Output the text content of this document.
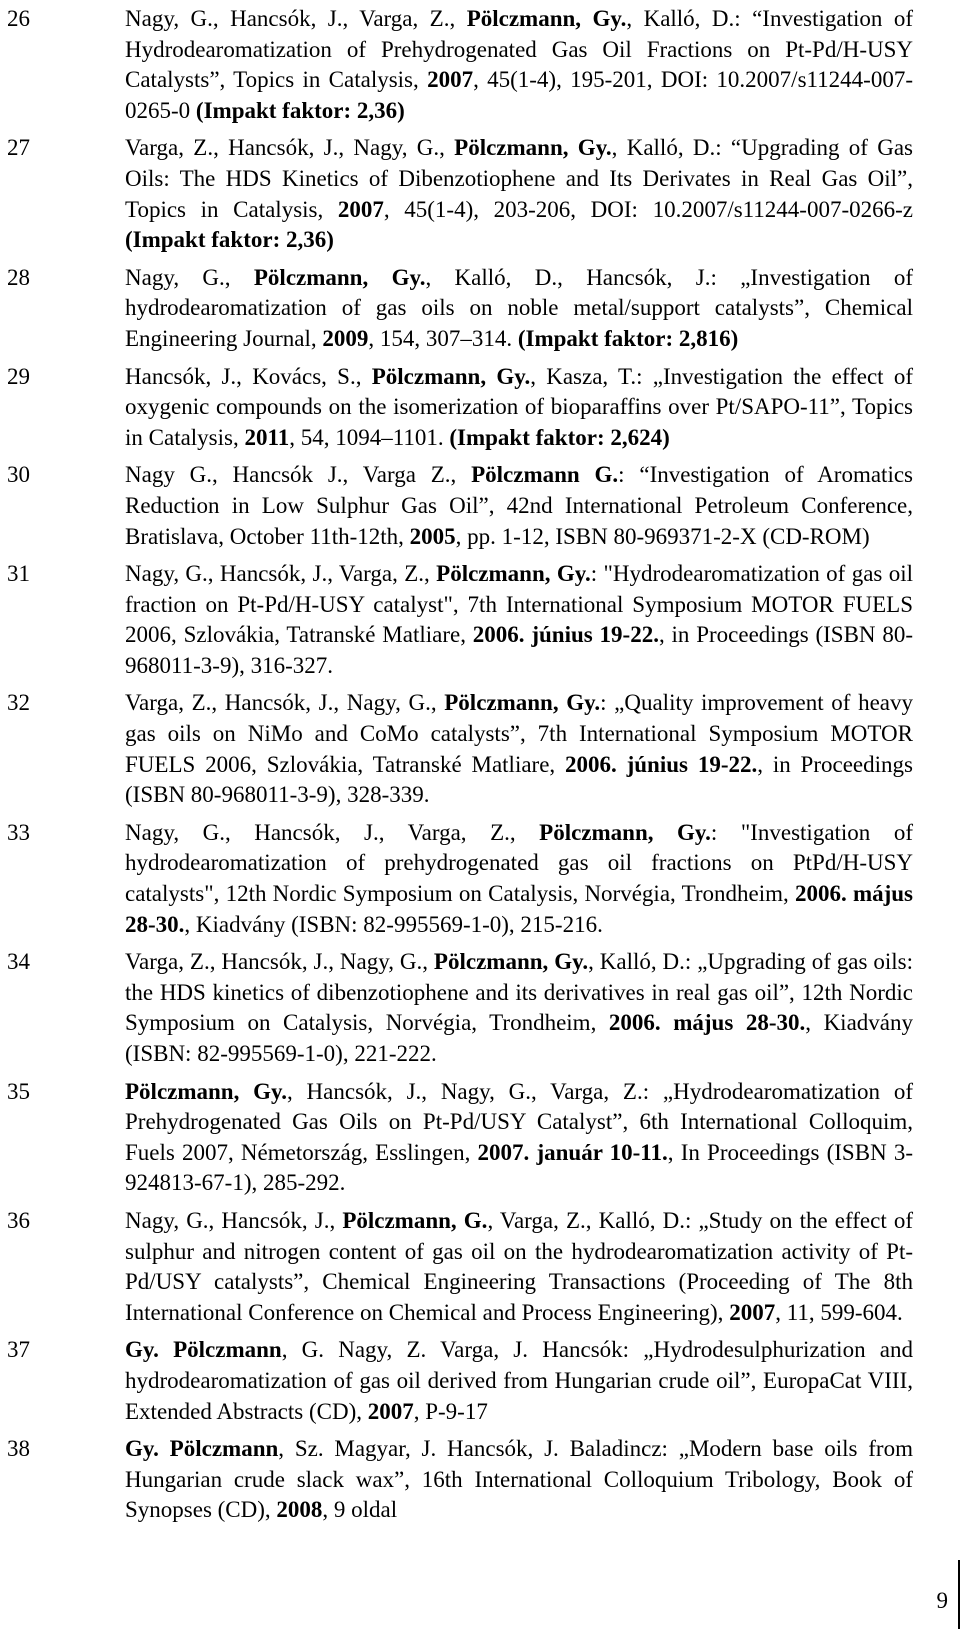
26	Nagy, G., Hancsók, J., Varga, Z., Pölczmann, Gy., Kalló, D.: “Investigation of Hydrodearomatization of Prehydrogenated Gas Oil Fractions on Pt-Pd/H-USY Catalysts”, Topics in Catalysis, 2007, 45(1-4), 195-201, DOI: 10.2007/s11244-007-0265-0 (Impakt faktor: 2,36)
27	Varga, Z., Hancsók, J., Nagy, G., Pölczmann, Gy., Kalló, D.: “Upgrading of Gas Oils: The HDS Kinetics of Dibenzotiophene and Its Derivates in Real Gas Oil”, Topics in Catalysis, 2007, 45(1-4), 203-206, DOI: 10.2007/s11244-007-0266-z (Impakt faktor: 2,36)
28	Nagy, G., Pölczmann, Gy., Kalló, D., Hancsók, J.: „Investigation of hydrodearomatization of gas oils on noble metal/support catalysts”, Chemical Engineering Journal, 2009, 154, 307–314. (Impakt faktor: 2,816)
29	Hancsók, J., Kovács, S., Pölczmann, Gy., Kasza, T.: „Investigation the effect of oxygenic compounds on the isomerization of bioparaffins over Pt/SAPO-11”, Topics in Catalysis, 2011, 54, 1094–1101. (Impakt faktor: 2,624)
30	Nagy G., Hancsók J., Varga Z., Pölczmann G.: “Investigation of Aromatics Reduction in Low Sulphur Gas Oil”, 42nd International Petroleum Conference, Bratislava, October 11th-12th, 2005, pp. 1-12, ISBN 80-969371-2-X (CD-ROM)
31	Nagy, G., Hancsók, J., Varga, Z., Pölczmann, Gy.: "Hydrodearomatization of gas oil fraction on Pt-Pd/H-USY catalyst", 7th International Symposium MOTOR FUELS 2006, Szlovákia, Tatranské Matliare, 2006. június 19-22., in Proceedings (ISBN 80-968011-3-9), 316-327.
32	Varga, Z., Hancsók, J., Nagy, G., Pölczmann, Gy.: „Quality improvement of heavy gas oils on NiMo and CoMo catalysts”, 7th International Symposium MOTOR FUELS 2006, Szlovákia, Tatranské Matliare, 2006. június 19-22., in Proceedings (ISBN 80-968011-3-9), 328-339.
33	Nagy, G., Hancsók, J., Varga, Z., Pölczmann, Gy.: "Investigation of hydrodearomatization of prehydrogenated gas oil fractions on PtPd/H-USY catalysts", 12th Nordic Symposium on Catalysis, Norvégia, Trondheim, 2006. május 28-30., Kiadvány (ISBN: 82-995569-1-0), 215-216.
34	Varga, Z., Hancsók, J., Nagy, G., Pölczmann, Gy., Kalló, D.: „Upgrading of gas oils: the HDS kinetics of dibenzotiophene and its derivatives in real gas oil”, 12th Nordic Symposium on Catalysis, Norvégia, Trondheim, 2006. május 28-30., Kiadvány (ISBN: 82-995569-1-0), 221-222.
35	Pölczmann, Gy., Hancsók, J., Nagy, G., Varga, Z.: „Hydrodearomatization of Prehydrogenated Gas Oils on Pt-Pd/USY Catalyst”, 6th International Colloquim, Fuels 2007, Németország, Esslingen, 2007. január 10-11., In Proceedings (ISBN 3-924813-67-1), 285-292.
36	Nagy, G., Hancsók, J., Pölczmann, G., Varga, Z., Kalló, D.: „Study on the effect of sulphur and nitrogen content of gas oil on the hydrodearomatization activity of Pt-Pd/USY catalysts”, Chemical Engineering Transactions (Proceeding of The 8th International Conference on Chemical and Process Engineering), 2007, 11, 599-604.
37	Gy. Pölczmann, G. Nagy, Z. Varga, J. Hancsók: „Hydrodesulphurization and hydrodearomatization of gas oil derived from Hungarian crude oil”, EuropaCat VIII, Extended Abstracts (CD), 2007, P-9-17
38	Gy. Pölczmann, Sz. Magyar, J. Hancsók, J. Baladincz: „Modern base oils from Hungarian crude slack wax”, 16th International Colloquium Tribology, Book of Synopses (CD), 2008, 9 oldal
9
